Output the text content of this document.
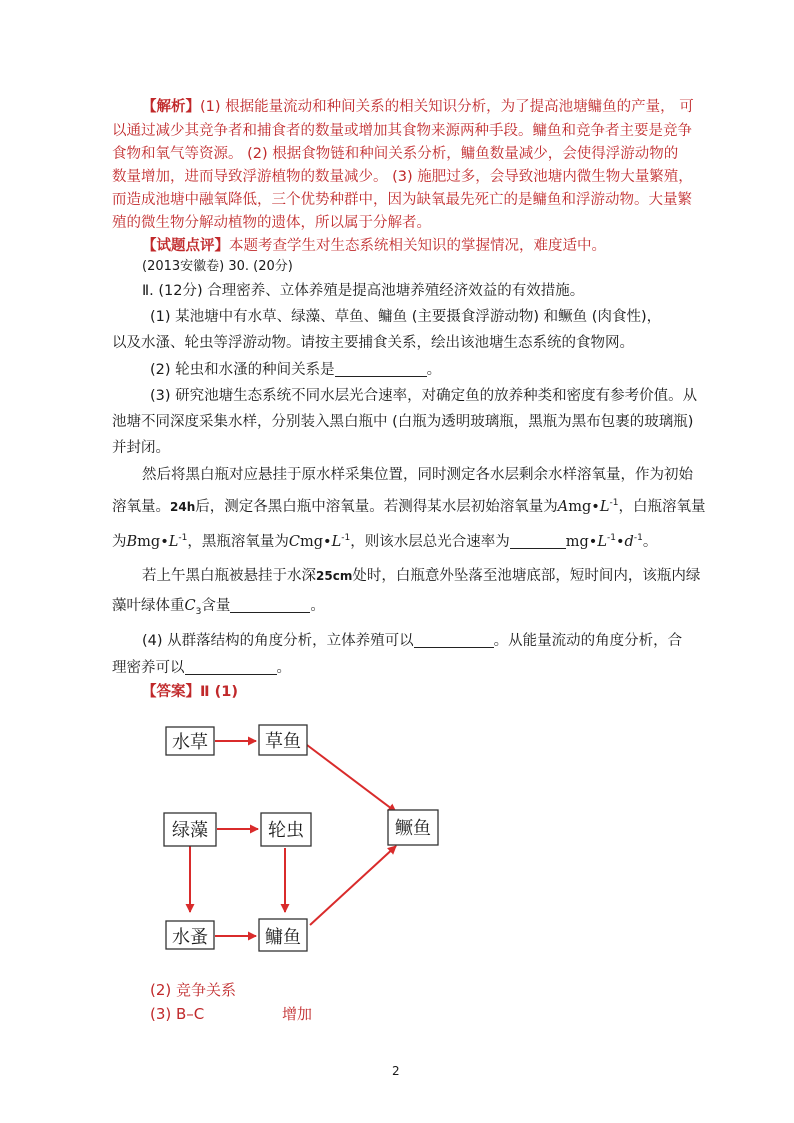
【解析】(1) 根据能量流动和种间关系的相关知识分析，为了提高池塘鳙鱼的产量， 可
以通过减少其竞争者和捕食者的数量或增加其食物来源两种手段。鳙鱼和竞争者主要是竞争
食物和氧气等资源。 (2) 根据食物链和种间关系分析，鳙鱼数量减少，会使得浮游动物的
数量增加，进而导致浮游植物的数量减少。 (3) 施肥过多，会导致池塘内微生物大量繁殖，
而造成池塘中融氧降低，三个优势种群中，因为缺氧最先死亡的是鳙鱼和浮游动物。大量繁
殖的微生物分解动植物的遗体，所以属于分解者。
【试题点评】本题考查学生对生态系统相关知识的掌握情况，难度适中。
(2013安徽卷) 30. (20分)
Ⅱ. (12分) 合理密养、立体养殖是提高池塘养殖经济效益的有效措施。
(1) 某池塘中有水草、绿藻、草鱼、鳙鱼 (主要摄食浮游动物) 和鳜鱼 (肉食性)，
以及水溞、轮虫等浮游动物。请按主要捕食关系，绘出该池塘生态系统的食物网。
(2) 轮虫和水溞的种间关系是	。
(3) 研究池塘生态系统不同水层光合速率，对确定鱼的放养种类和密度有参考价值。从
池塘不同深度采集水样，分别装入黑白瓶中 (白瓶为透明玻璃瓶，黑瓶为黑布包裹的玻璃瓶)
并封闭。
然后将黑白瓶对应悬挂于原水样采集位置，同时测定各水层剩余水样溶氧量，作为初始
溶氧量。24h后，测定各黑白瓶中溶氧量。若测得某水层初始溶氧量为$Amg•L^{-1}$，白瓶溶氧量
为$Bmg•L^{-1}$，黑瓶溶氧量为$Cmg•L^{-1}$，则该水层总光合速率为	$mg•L^{-1}•d^{-1}$。
若上午黑白瓶被悬挂于水深25cm处时，白瓶意外坠落至池塘底部，短时间内，该瓶内绿
藻叶绿体重$C_3$含量	。
(4) 从群落结构的角度分析，立体养殖可以	。从能量流动的角度分析，合
理密养可以	。
【答案】Ⅱ (1)
水草	草鱼
绿藻	轮虫	鳜鱼
水蚤	鳙鱼
(2) 竞争关系
(3) B–C	增加
2
